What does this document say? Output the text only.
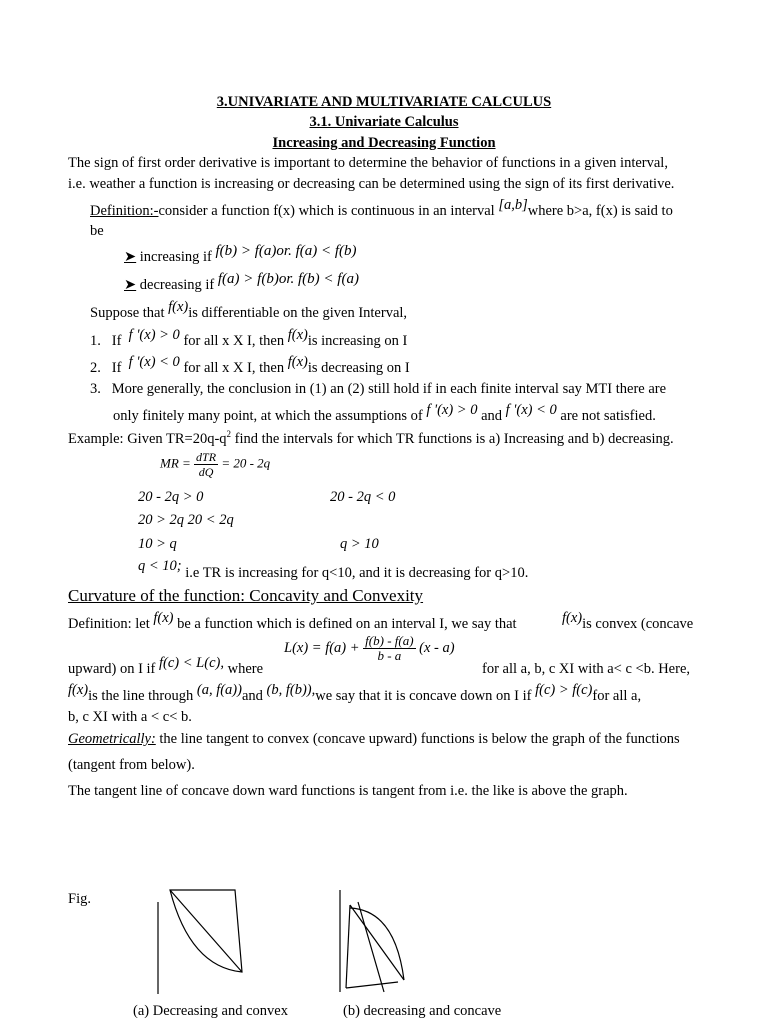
3.UNIVARIATE AND MULTIVARIATE CALCULUS
3.1. Univariate Calculus
Increasing and Decreasing Function
The sign of first order derivative is important to determine the behavior of functions in a given interval,
i.e. weather a function is increasing or decreasing can be determined using the sign of its first derivative.
Definition:-consider a function f(x) which is continuous in an interval [a,b]where b>a, f(x) is said to
be
➤ increasing if f(b) > f(a)or. f(a) < f(b)
➤ decreasing if f(a) > f(b)or. f(b) < f(a)
Suppose that f(x)is differentiable on the given Interval,
1. If f '(x) > 0 for all x X I, then f(x)is increasing on I
2. If f '(x) < 0 for all x X I, then f(x)is decreasing on I
3. More generally, the conclusion in (1) an (2) still hold if in each finite interval say MTI there are
only finitely many point, at which the assumptions of f '(x) > 0 and f '(x) < 0 are not satisfied.
Example: Given $TR=20q-q^2$ find the intervals for which TR functions is a) Increasing and b) decreasing.
MR = $\frac{\text{dTR}}{dQ} = 20 - 2q$
20 - 2q > 0	20 - 2q < 0
20 > 2q 20 < 2q
10 > q	q > 10
q < 10; i.e TR is increasing for q<10, and it is decreasing for q>10.
Curvature of the function: Concavity and Convexity
Definition: let f(x) be a function which is defined on an interval I, we say that	f(x)is convex (concave
$L(x) = f(a) + \frac{f(b) - f(a)}{b - a} (x - a)$
upward) on I if f(c) < L(c), where	for all a, b, c XI with a< c <b. Here,
f(x)is the line through (a, f(a))and (b, f(b)),we say that it is concave down on I if f(c) > f(c)for all a,
b, c XI with a < c< b.
Geometrically: the line tangent to convex (concave upward) functions is below the graph of the functions
(tangent from below).
The tangent line of concave down ward functions is tangent from i.e. the like is above the graph.
Fig.
(a) Decreasing and convex	(b) decreasing and concave
